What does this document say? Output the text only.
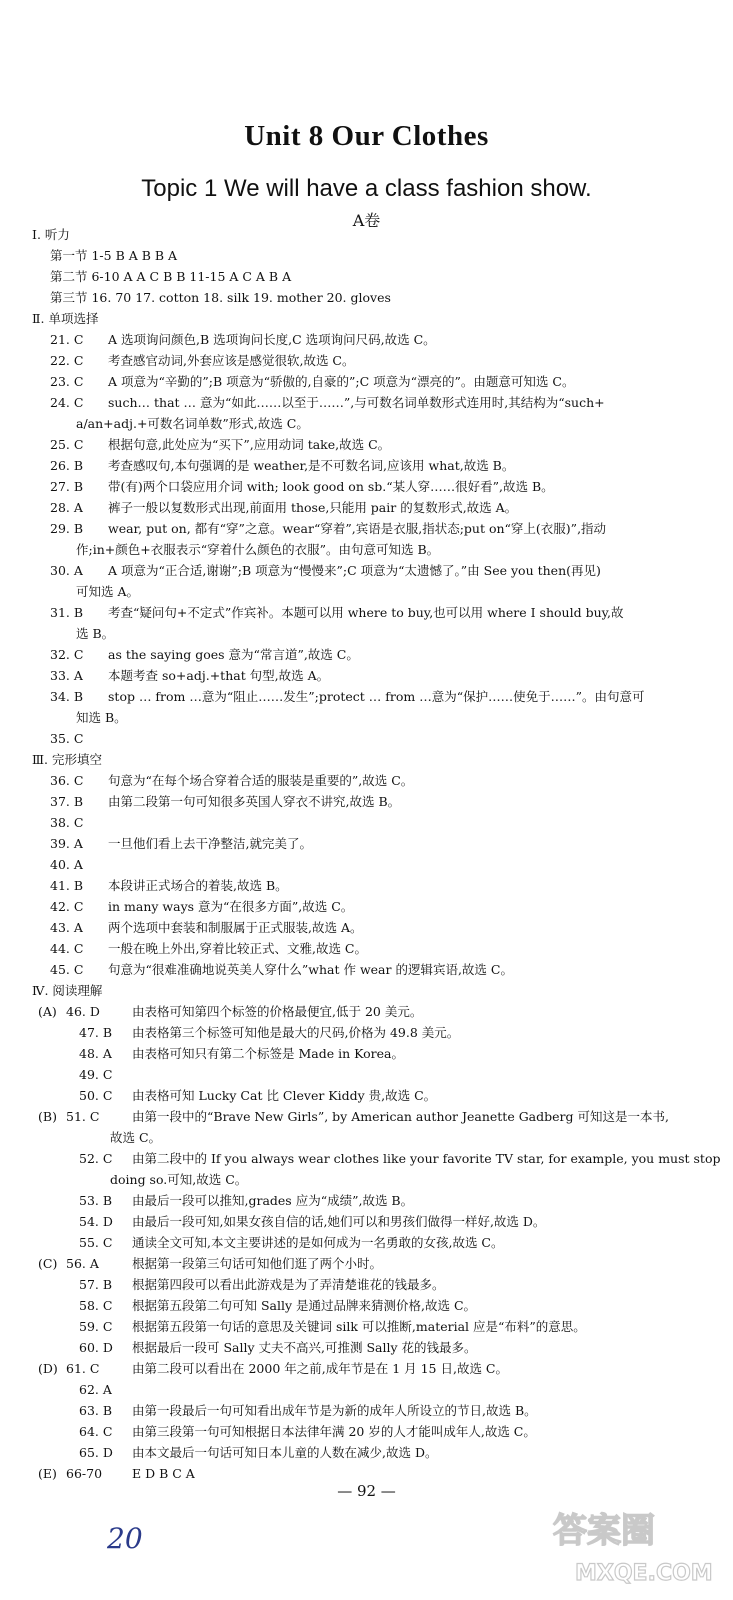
Unit 8 Our Clothes
Topic 1 We will have a class fashion show.
A卷
Ⅰ. 听力
第一节 1-5 B A B B A
第二节 6-10 A A C B B 11-15 A C A B A
第三节 16. 70 17. cotton 18. silk 19. mother 20. gloves
Ⅱ. 单项选择
21. C A 选项询问颜色,B 选项询问长度,C 选项询问尺码,故选 C。
22. C 考查感官动词,外套应该是感觉很软,故选 C。
23. C A 项意为“辛勤的”;B 项意为“骄傲的,自豪的”;C 项意为“漂亮的”。由题意可知选 C。
24. C such… that … 意为“如此……以至于……”,与可数名词单数形式连用时,其结构为“such+
a/an+adj.+可数名词单数”形式,故选 C。
25. C 根据句意,此处应为“买下”,应用动词 take,故选 C。
26. B 考查感叹句,本句强调的是 weather,是不可数名词,应该用 what,故选 B。
27. B 带(有)两个口袋应用介词 with; look good on sb.“某人穿……很好看”,故选 B。
28. A 裤子一般以复数形式出现,前面用 those,只能用 pair 的复数形式,故选 A。
29. B wear, put on, 都有“穿”之意。wear“穿着”,宾语是衣服,指状态;put on“穿上(衣服)”,指动
作;in+颜色+衣服表示“穿着什么颜色的衣服”。由句意可知选 B。
30. A A 项意为“正合适,谢谢”;B 项意为“慢慢来”;C 项意为“太遗憾了。”由 See you then(再见)
可知选 A。
31. B 考查“疑问句+不定式”作宾补。本题可以用 where to buy,也可以用 where I should buy,故
选 B。
32. C as the saying goes 意为“常言道”,故选 C。
33. A 本题考查 so+adj.+that 句型,故选 A。
34. B stop … from …意为“阻止……发生”;protect … from …意为“保护……使免于……”。由句意可
知选 B。
35. C
Ⅲ. 完形填空
36. C 句意为“在每个场合穿着合适的服装是重要的”,故选 C。
37. B 由第二段第一句可知很多英国人穿衣不讲究,故选 B。
38. C
39. A 一旦他们看上去干净整洁,就完美了。
40. A
41. B 本段讲正式场合的着装,故选 B。
42. C in many ways 意为“在很多方面”,故选 C。
43. A 两个选项中套装和制服属于正式服装,故选 A。
44. C 一般在晚上外出,穿着比较正式、文雅,故选 C。
45. C 句意为“很难准确地说英美人穿什么”what 作 wear 的逻辑宾语,故选 C。
Ⅳ. 阅读理解
(A) 46. D	由表格可知第四个标签的价格最便宜,低于 20 美元。
47. B 由表格第三个标签可知他是最大的尺码,价格为 49.8 美元。
48. A 由表格可知只有第二个标签是 Made in Korea。
49. C
50. C 由表格可知 Lucky Cat 比 Clever Kiddy 贵,故选 C。
(B) 51. C	由第一段中的“Brave New Girls”, by American author Jeanette Gadberg 可知这是一本书,
故选 C。
52. C 由第二段中的 If you always wear clothes like your favorite TV star, for example, you must stop
doing so.可知,故选 C。
53. B 由最后一段可以推知,grades 应为“成绩”,故选 B。
54. D 由最后一段可知,如果女孩自信的话,她们可以和男孩们做得一样好,故选 D。
55. C 通读全文可知,本文主要讲述的是如何成为一名勇敢的女孩,故选 C。
(C) 56. A	根据第一段第三句话可知他们逛了两个小时。
57. B 根据第四段可以看出此游戏是为了弄清楚谁花的钱最多。
58. C 根据第五段第二句可知 Sally 是通过品牌来猜测价格,故选 C。
59. C 根据第五段第一句话的意思及关键词 silk 可以推断,material 应是“布料”的意思。
60. D 根据最后一段可 Sally 丈夫不高兴,可推测 Sally 花的钱最多。
(D) 61. C	由第二段可以看出在 2000 年之前,成年节是在 1 月 15 日,故选 C。
62. A
63. B 由第一段最后一句可知看出成年节是为新的成年人所设立的节日,故选 B。
64. C 由第三段第一句可知根据日本法律年满 20 岁的人才能叫成年人,故选 C。
65. D 由本文最后一句话可知日本儿童的人数在减少,故选 D。
(E) 66-70 E D B C A
— 92 —
20	答案圈
MXQE.COM
